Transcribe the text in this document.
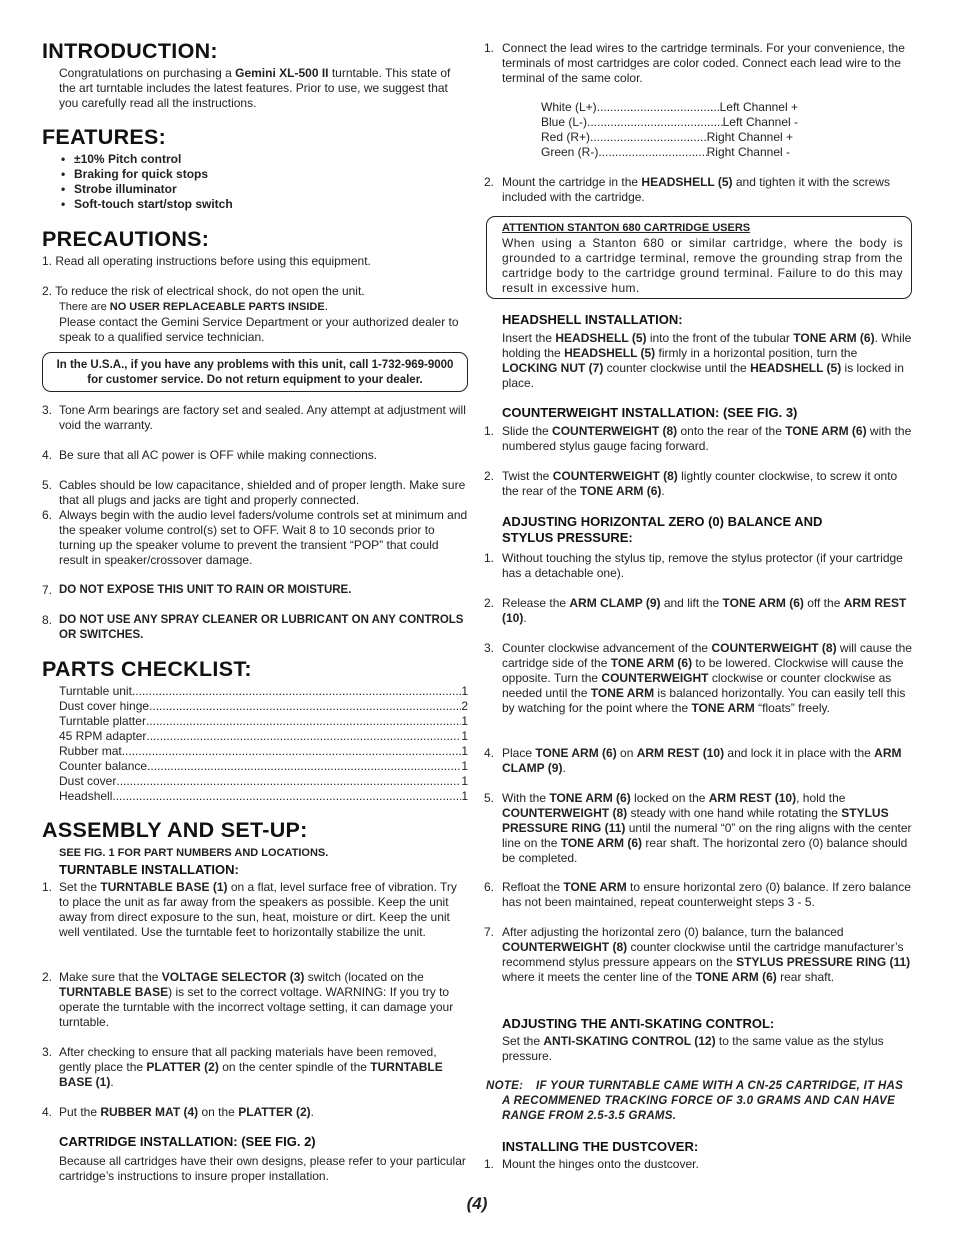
INTRODUCTION:
Congratulations on purchasing a Gemini XL-500 II turntable. This state of the art turntable includes the latest features. Prior to use, we suggest that you carefully read all the instructions.
FEATURES:
• ±10% Pitch control
• Braking for quick stops
• Strobe illuminator
• Soft-touch start/stop switch
PRECAUTIONS:
1. Read all operating instructions before using this equipment.
2. To reduce the risk of electrical shock, do not open the unit.
There are NO USER REPLACEABLE PARTS INSIDE.
Please contact the Gemini Service Department or your authorized dealer to speak to a qualified service technician.
In the U.S.A., if you have any problems with this unit, call 1-732-969-9000
for customer service. Do not return equipment to your dealer.
3. Tone Arm bearings are factory set and sealed. Any attempt at adjustment will void the warranty.
4. Be sure that all AC power is OFF while making connections.
5. Cables should be low capacitance, shielded and of proper length. Make sure that all plugs and jacks are tight and properly connected.
6. Always begin with the audio level faders/volume controls set at minimum and the speaker volume control(s) set to OFF. Wait 8 to 10 seconds prior to turning up the speaker volume to prevent the transient “POP” that could result in speaker/crossover damage.
7. DO NOT EXPOSE THIS UNIT TO RAIN OR MOISTURE.
8. DO NOT USE ANY SPRAY CLEANER OR LUBRICANT ON ANY CONTROLS OR SWITCHES.
PARTS CHECKLIST:
Turntable unit .....	1
Dust cover hinge .....	2
Turntable platter .....	1
45 RPM adapter .....	1
Rubber mat .....	1
Counter balance .....	1
Dust cover .....	1
Headshell .....	1
ASSEMBLY AND SET-UP:
SEE FIG. 1 FOR PART NUMBERS AND LOCATIONS.
TURNTABLE INSTALLATION:
1. Set the TURNTABLE BASE (1) on a flat, level surface free of vibration. Try to place the unit as far away from the speakers as possible. Keep the unit away from direct exposure to the sun, heat, moisture or dirt. Keep the unit well ventilated. Use the turntable feet to horizontally stabilize the unit.
2. Make sure that the VOLTAGE SELECTOR (3) switch (located on the TURNTABLE BASE) is set to the correct voltage. WARNING: If you try to operate the turntable with the incorrect voltage setting, it can damage your turntable.
3. After checking to ensure that all packing materials have been removed, gently place the PLATTER (2) on the center spindle of the TURNTABLE BASE (1).
4. Put the RUBBER MAT (4) on the PLATTER (2).
CARTRIDGE INSTALLATION: (SEE FIG. 2)
Because all cartridges have their own designs, please refer to your particular cartridge’s instructions to insure proper installation.
1. Connect the lead wires to the cartridge terminals. For your convenience, the terminals of most cartridges are color coded. Connect each lead wire to the terminal of the same color.
White (L+) .....	Left Channel +
Blue (L-) .....	Left Channel -
Red (R+) .....	Right Channel +
Green (R-) .....	Right Channel -
2. Mount the cartridge in the HEADSHELL (5) and tighten it with the screws included with the cartridge.
ATTENTION STANTON 680 CARTRIDGE USERS
When using a Stanton 680 or similar cartridge, where the body is grounded to a cartridge terminal, remove the grounding strap from the cartridge body to the cartridge ground terminal. Failure to do this may result in excessive hum.
HEADSHELL INSTALLATION:
Insert the HEADSHELL (5) into the front of the tubular TONE ARM (6). While holding the HEADSHELL (5) firmly in a horizontal position, turn the LOCKING NUT (7) counter clockwise until the HEADSHELL (5) is locked in place.
COUNTERWEIGHT INSTALLATION: (SEE FIG. 3)
1. Slide the COUNTERWEIGHT (8) onto the rear of the TONE ARM (6) with the numbered stylus gauge facing forward.
2. Twist the COUNTERWEIGHT (8) lightly counter clockwise, to screw it onto the rear of the TONE ARM (6).
ADJUSTING HORIZONTAL ZERO (0) BALANCE AND
STYLUS PRESSURE:
1. Without touching the stylus tip, remove the stylus protector (if your cartridge has a detachable one).
2. Release the ARM CLAMP (9) and lift the TONE ARM (6) off the ARM REST (10).
3. Counter clockwise advancement of the COUNTERWEIGHT (8) will cause the cartridge side of the TONE ARM (6) to be lowered. Clockwise will cause the opposite. Turn the COUNTERWEIGHT clockwise or counter clockwise as needed until the TONE ARM is balanced horizontally. You can easily tell this by watching for the point where the TONE ARM “floats” freely.
4. Place TONE ARM (6) on ARM REST (10) and lock it in place with the ARM CLAMP (9).
5. With the TONE ARM (6) locked on the ARM REST (10), hold the COUNTERWEIGHT (8) steady with one hand while rotating the STYLUS PRESSURE RING (11) until the numeral “0” on the ring aligns with the center line on the TONE ARM (6) rear shaft. The horizontal zero (0) balance should be completed.
6. Refloat the TONE ARM to ensure horizontal zero (0) balance. If zero balance has not been maintained, repeat counterweight steps 3 - 5.
7. After adjusting the horizontal zero (0) balance, turn the balanced COUNTERWEIGHT (8) counter clockwise until the cartridge manufacturer’s recommend stylus pressure appears on the STYLUS PRESSURE RING (11) where it meets the center line of the TONE ARM (6) rear shaft.
ADJUSTING THE ANTI-SKATING CONTROL:
Set the ANTI-SKATING CONTROL (12) to the same value as the stylus pressure.
NOTE:	IF YOUR TURNTABLE CAME WITH A CN-25 CARTRIDGE, IT HAS A RECOMMENED TRACKING FORCE OF 3.0 GRAMS AND CAN HAVE RANGE FROM 2.5-3.5 GRAMS.
INSTALLING THE DUSTCOVER:
1. Mount the hinges onto the dustcover.
(4)
